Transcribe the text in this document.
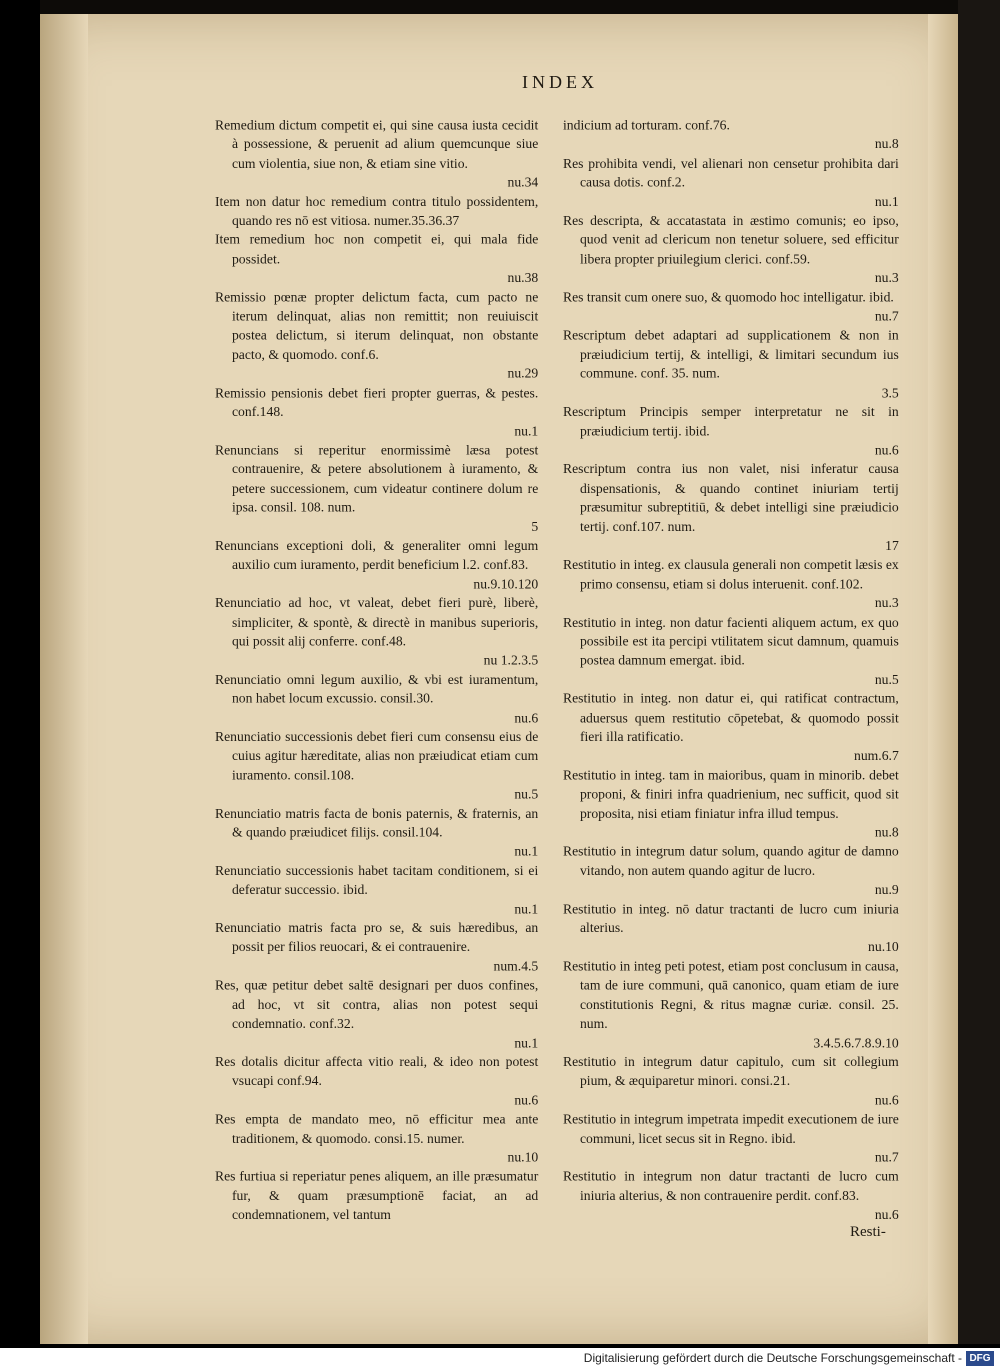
INDEX
Remedium dictum competit ei, qui sine causa iusta cecidit à possessione, & peruenit ad alium quemcunque siue cum violentia, siue non, & etiam sine vitio.
nu.34
Item non datur hoc remedium contra titulo possidentem, quando res nō est vitiosa. numer.35.36.37
Item remedium hoc non competit ei, qui mala fide possidet.
nu.38
Remissio pœnæ propter delictum facta, cum pacto ne iterum delinquat, alias non remittit; non reuiuiscit postea delictum, si iterum delinquat, non obstante pacto, & quomodo. conf.6.
nu.29
Remissio pensionis debet fieri propter guerras, & pestes. conf.148.
nu.1
Renuncians si reperitur enormissimè læsa potest contrauenire, & petere absolutionem à iuramento, & petere successionem, cum videatur continere dolum re ipsa. consil. 108. num.
5
Renuncians exceptioni doli, & generaliter omni legum auxilio cum iuramento, perdit beneficium l.2. conf.83.
nu.9.10.120
Renunciatio ad hoc, vt valeat, debet fieri purè, liberè, simpliciter, & spontè, & directè in manibus superioris, qui possit alij conferre. conf.48.
nu 1.2.3.5
Renunciatio omni legum auxilio, & vbi est iuramentum, non habet locum excussio. consil.30.
nu.6
Renunciatio successionis debet fieri cum consensu eius de cuius agitur hæreditate, alias non præiudicat etiam cum iuramento. consil.108.
nu.5
Renunciatio matris facta de bonis paternis, & fraternis, an & quando præiudicet filijs. consil.104.
nu.1
Renunciatio successionis habet tacitam conditionem, si ei deferatur successio. ibid.
nu.1
Renunciatio matris facta pro se, & suis hæredibus, an possit per filios reuocari, & ei contrauenire.
num.4.5
Res, quæ petitur debet saltē designari per duos confines, ad hoc, vt sit contra, alias non potest sequi condemnatio. conf.32.
nu.1
Res dotalis dicitur affecta vitio reali, & ideo non potest vsucapi conf.94.
nu.6
Res empta de mandato meo, nō efficitur mea ante traditionem, & quomodo. consi.15. numer.
nu.10
Res furtiua si reperiatur penes aliquem, an ille præsumatur fur, & quam præsumptionē faciat, an ad condemnationem, vel tantum
indicium ad torturam. conf.76.
nu.8
Res prohibita vendi, vel alienari non censetur prohibita dari causa dotis. conf.2.
nu.1
Res descripta, & accatastata in æstimo comunis; eo ipso, quod venit ad clericum non tenetur soluere, sed efficitur libera propter priuilegium clerici. conf.59.
nu.3
Res transit cum onere suo, & quomodo hoc intelligatur. ibid.
nu.7
Rescriptum debet adaptari ad supplicationem & non in præiudicium tertij, & intelligi, & limitari secundum ius commune. conf. 35. num.
3.5
Rescriptum Principis semper interpretatur ne sit in præiudicium tertij. ibid.
nu.6
Rescriptum contra ius non valet, nisi inferatur causa dispensationis, & quando continet iniuriam tertij præsumitur subreptitiū, & debet intelligi sine præiudicio tertij. conf.107. num.
17
Restitutio in integ. ex clausula generali non competit læsis ex primo consensu, etiam si dolus interuenit. conf.102.
nu.3
Restitutio in integ. non datur facienti aliquem actum, ex quo possibile est ita percipi vtilitatem sicut damnum, quamuis postea damnum emergat. ibid.
nu.5
Restitutio in integ. non datur ei, qui ratificat contractum, aduersus quem restitutio cōpetebat, & quomodo possit fieri illa ratificatio.
num.6.7
Restitutio in integ. tam in maioribus, quam in minorib. debet proponi, & finiri infra quadrienium, nec sufficit, quod sit proposita, nisi etiam finiatur infra illud tempus.
nu.8
Restitutio in integrum datur solum, quando agitur de damno vitando, non autem quando agitur de lucro.
nu.9
Restitutio in integ. nō datur tractanti de lucro cum iniuria alterius.
nu.10
Restitutio in integ peti potest, etiam post conclusum in causa, tam de iure communi, quā canonico, quam etiam de iure constitutionis Regni, & ritus magnæ curiæ. consil. 25. num.
3.4.5.6.7.8.9.10
Restitutio in integrum datur capitulo, cum sit collegium pium, & æquiparetur minori. consi.21.
nu.6
Restitutio in integrum impetrata impedit executionem de iure communi, licet secus sit in Regno. ibid.
nu.7
Restitutio in integrum non datur tractanti de lucro cum iniuria alterius, & non contrauenire perdit. conf.83.
nu.6
Resti-
Digitalisierung gefördert durch die Deutsche Forschungsgemeinschaft - DFG
